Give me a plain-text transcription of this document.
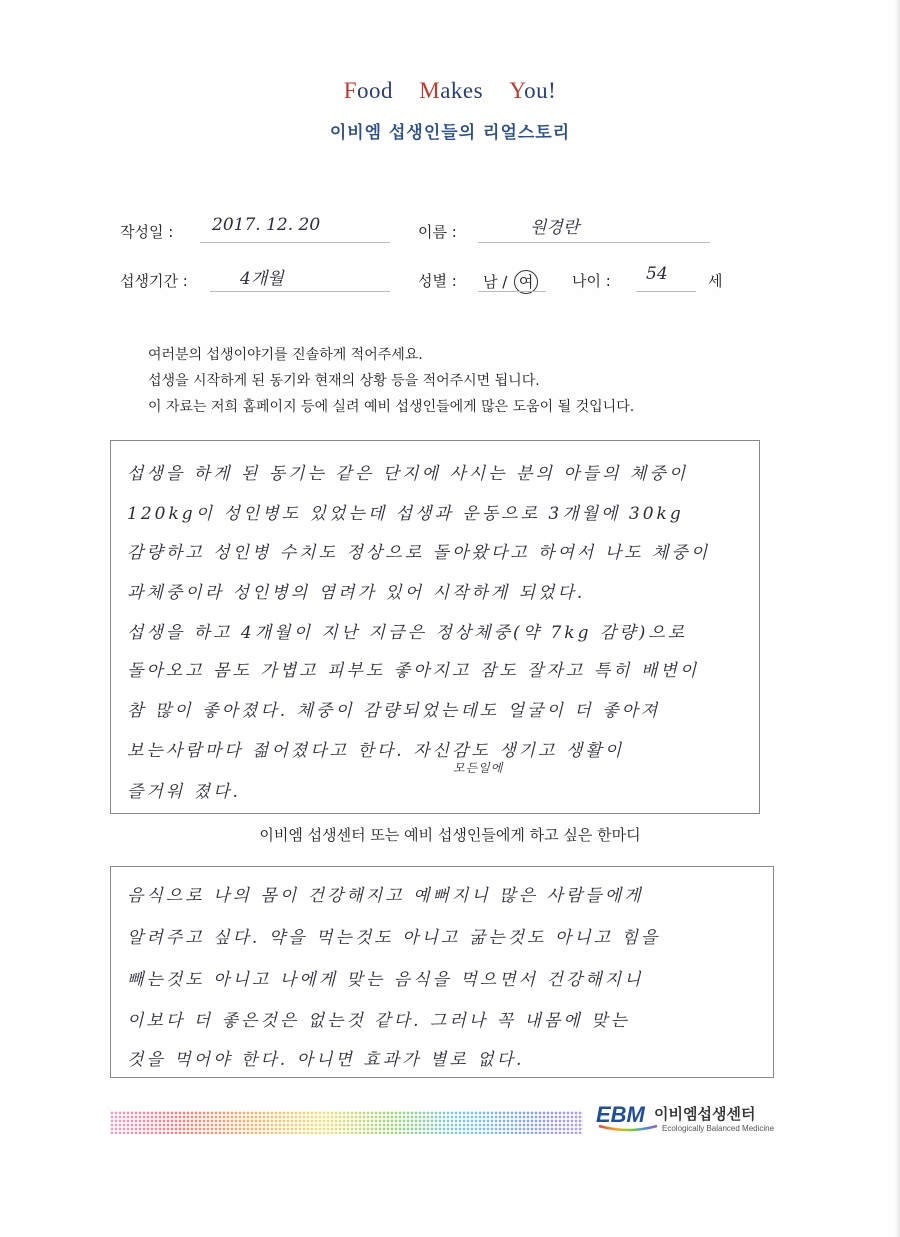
Food Makes You!
이비엠 섭생인들의 리얼스토리
작성일 : 2017. 12. 20	이름 :	원경란
섭생기간 :	4개월	성별 : 남 / 여	나이 : 54	세
여러분의 섭생이야기를 진솔하게 적어주세요.
섭생을 시작하게 된 동기와 현재의 상황 등을 적어주시면 됩니다.
이 자료는 저희 홈페이지 등에 실려 예비 섭생인들에게 많은 도움이 될 것입니다.
섭생을 하게 된 동기는 같은 단지에 사시는 분의 아들의 체중이
120kg이 성인병도 있었는데 섭생과 운동으로 3개월에 30kg
감량하고 성인병 수치도 정상으로 돌아왔다고 하여서 나도 체중이
과체중이라 성인병의 염려가 있어 시작하게 되었다.
섭생을 하고 4개월이 지난 지금은 정상체중(약 7kg 감량)으로
돌아오고 몸도 가볍고 피부도 좋아지고 잠도 잘자고 특히 배변이
참 많이 좋아졌다. 체중이 감량되었는데도 얼굴이 더 좋아져
보는사람마다 젊어졌다고 한다. 자신감도 생기고 생활이
모든일에
즐거워 졌다.
이비엠 섭생센터 또는 예비 섭생인들에게 하고 싶은 한마디
음식으로 나의 몸이 건강해지고 예뻐지니 많은 사람들에게
알려주고 싶다. 약을 먹는것도 아니고 굶는것도 아니고 힘을
빼는것도 아니고 나에게 맞는 음식을 먹으면서 건강해지니
이보다 더 좋은것은 없는것 같다. 그러나 꼭 내몸에 맞는
것을 먹어야 한다. 아니면 효과가 별로 없다.
EBM 이비엠섭생센터
Ecologically Balanced Medicine
